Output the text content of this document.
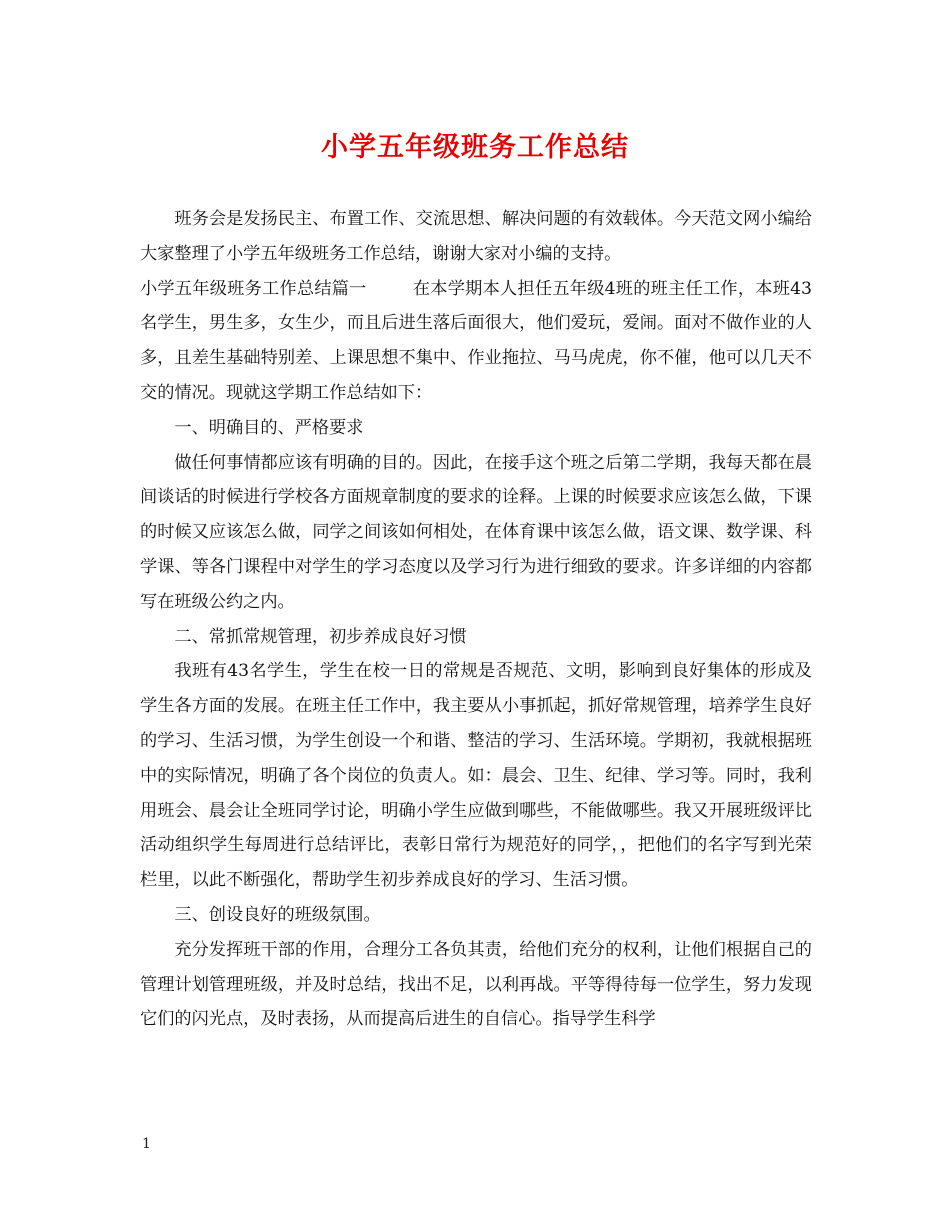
小学五年级班务工作总结

班务会是发扬民主、布置工作、交流思想、解决问题的有效载体。今天范文网小编给大家整理了小学五年级班务工作总结，谢谢大家对小编的支持。

小学五年级班务工作总结篇一	在本学期本人担任五年级4班的班主任工作，本班43名学生，男生多，女生少，而且后进生落后面很大，他们爱玩，爱闹。面对不做作业的人多，且差生基础特别差、上课思想不集中、作业拖拉、马马虎虎，你不催，他可以几天不交的情况。现就这学期工作总结如下：

一、明确目的、严格要求

做任何事情都应该有明确的目的。因此，在接手这个班之后第二学期，我每天都在晨间谈话的时候进行学校各方面规章制度的要求的诠释。上课的时候要求应该怎么做，下课的时候又应该怎么做，同学之间该如何相处，在体育课中该怎么做，语文课、数学课、科学课、等各门课程中对学生的学习态度以及学习行为进行细致的要求。许多详细的内容都写在班级公约之内。

二、常抓常规管理，初步养成良好习惯

我班有43名学生，学生在校一日的常规是否规范、文明，影响到良好集体的形成及学生各方面的发展。在班主任工作中，我主要从小事抓起，抓好常规管理，培养学生良好的学习、生活习惯，为学生创设一个和谐、整洁的学习、生活环境。学期初，我就根据班中的实际情况，明确了各个岗位的负责人。如：晨会、卫生、纪律、学习等。同时，我利用班会、晨会让全班同学讨论，明确小学生应做到哪些，不能做哪些。我又开展班级评比活动组织学生每周进行总结评比，表彰日常行为规范好的同学，，把他们的名字写到光荣栏里，以此不断强化，帮助学生初步养成良好的学习、生活习惯。

三、创设良好的班级氛围。

充分发挥班干部的作用，合理分工各负其责，给他们充分的权利，让他们根据自己的管理计划管理班级，并及时总结，找出不足，以利再战。平等得待每一位学生，努力发现它们的闪光点，及时表扬，从而提高后进生的自信心。指导学生科学

1
